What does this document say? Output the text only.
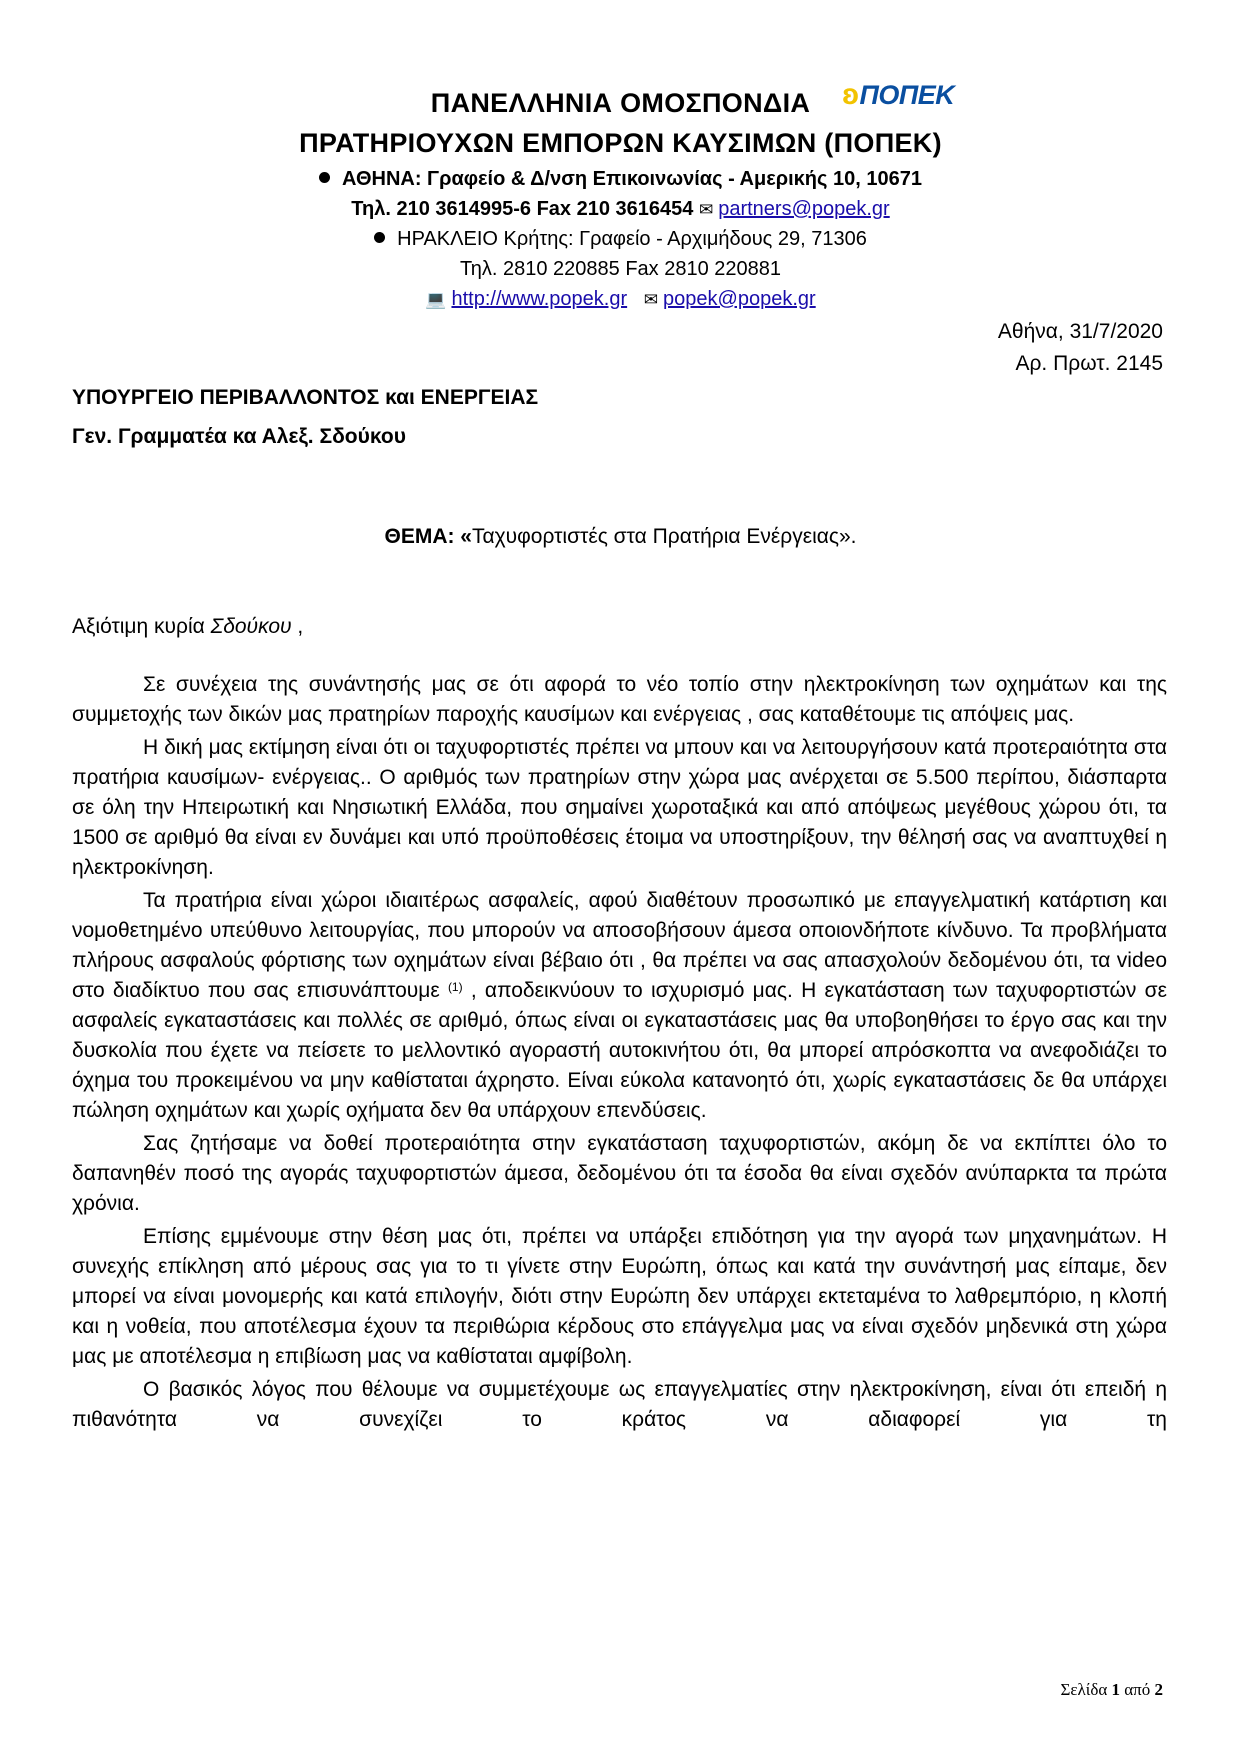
ΠΑΝΕΛΛΗΝΙΑ ΟΜΟΣΠΟΝΔΙΑ	ʚΠΟΠΕΚ
ΠΡΑΤΗΡΙΟΥΧΩΝ ΕΜΠΟΡΩΝ ΚΑΥΣΙΜΩΝ (ΠΟΠΕΚ)
ΑΘΗΝΑ: Γραφείο & Δ/νση Επικοινωνίας - Αμερικής 10, 10671
Τηλ. 210 3614995-6 Fax 210 3616454 ✉ partners@popek.gr
ΗΡΑΚΛΕΙΟ Κρήτης: Γραφείο - Αρχιμήδους 29, 71306
Τηλ. 2810 220885 Fax 2810 220881
💻 http://www.popek.gr ✉ popek@popek.gr
Αθήνα, 31/7/2020
Αρ. Πρωτ. 2145
ΥΠΟΥΡΓΕΙΟ ΠΕΡΙΒΑΛΛΟΝΤΟΣ και ΕΝΕΡΓΕΙΑΣ
Γεν. Γραμματέα κα Αλεξ. Σδούκου
ΘΕΜΑ: «Ταχυφορτιστές στα Πρατήρια Ενέργειας».
Αξιότιμη κυρία Σδούκου ,

Σε συνέχεια της συνάντησής μας σε ότι αφορά το νέο τοπίο στην ηλεκτροκίνηση των οχημάτων και της συμμετοχής των δικών μας πρατηρίων παροχής καυσίμων και ενέργειας , σας καταθέτουμε τις απόψεις μας.

Η δική μας εκτίμηση είναι ότι οι ταχυφορτιστές πρέπει να μπουν και να λειτουργήσουν κατά προτεραιότητα στα πρατήρια καυσίμων- ενέργειας.. Ο αριθμός των πρατηρίων στην χώρα μας ανέρχεται σε 5.500 περίπου, διάσπαρτα σε όλη την Ηπειρωτική και Νησιωτική Ελλάδα, που σημαίνει χωροταξικά και από απόψεως μεγέθους χώρου ότι, τα 1500 σε αριθμό θα είναι εν δυνάμει και υπό προϋποθέσεις έτοιμα να υποστηρίξουν, την θέλησή σας να αναπτυχθεί η ηλεκτροκίνηση.

Τα πρατήρια είναι χώροι ιδιαιτέρως ασφαλείς, αφού διαθέτουν προσωπικό με επαγγελματική κατάρτιση και νομοθετημένο υπεύθυνο λειτουργίας, που μπορούν να αποσοβήσουν άμεσα οποιονδήποτε κίνδυνο. Τα προβλήματα πλήρους ασφαλούς φόρτισης των οχημάτων είναι βέβαιο ότι , θα πρέπει να σας απασχολούν δεδομένου ότι, τα video στο διαδίκτυο που σας επισυνάπτουμε $^{(1)}$ , αποδεικνύουν το ισχυρισμό μας. Η εγκατάσταση των ταχυφορτιστών σε ασφαλείς εγκαταστάσεις και πολλές σε αριθμό, όπως είναι οι εγκαταστάσεις μας θα υποβοηθήσει το έργο σας και την δυσκολία που έχετε να πείσετε το μελλοντικό αγοραστή αυτοκινήτου ότι, θα μπορεί απρόσκοπτα να ανεφοδιάζει το όχημα του προκειμένου να μην καθίσταται άχρηστο. Είναι εύκολα κατανοητό ότι, χωρίς εγκαταστάσεις δε θα υπάρχει πώληση οχημάτων και χωρίς οχήματα δεν θα υπάρχουν επενδύσεις.

Σας ζητήσαμε να δοθεί προτεραιότητα στην εγκατάσταση ταχυφορτιστών, ακόμη δε να εκπίπτει όλο το δαπανηθέν ποσό της αγοράς ταχυφορτιστών άμεσα, δεδομένου ότι τα έσοδα θα είναι σχεδόν ανύπαρκτα τα πρώτα χρόνια.

Επίσης εμμένουμε στην θέση μας ότι, πρέπει να υπάρξει επιδότηση για την αγορά των μηχανημάτων. Η συνεχής επίκληση από μέρους σας για το τι γίνετε στην Ευρώπη, όπως και κατά την συνάντησή μας είπαμε, δεν μπορεί να είναι μονομερής και κατά επιλογήν, διότι στην Ευρώπη δεν υπάρχει εκτεταμένα το λαθρεμπόριο, η κλοπή και η νοθεία, που αποτέλεσμα έχουν τα περιθώρια κέρδους στο επάγγελμα μας να είναι σχεδόν μηδενικά στη χώρα μας με αποτέλεσμα η επιβίωση μας να καθίσταται αμφίβολη.

Ο βασικός λόγος που θέλουμε να συμμετέχουμε ως επαγγελματίες στην ηλεκτροκίνηση, είναι ότι επειδή η πιθανότητα να συνεχίζει το κράτος να αδιαφορεί για τη

Σελίδα 1 από 2
